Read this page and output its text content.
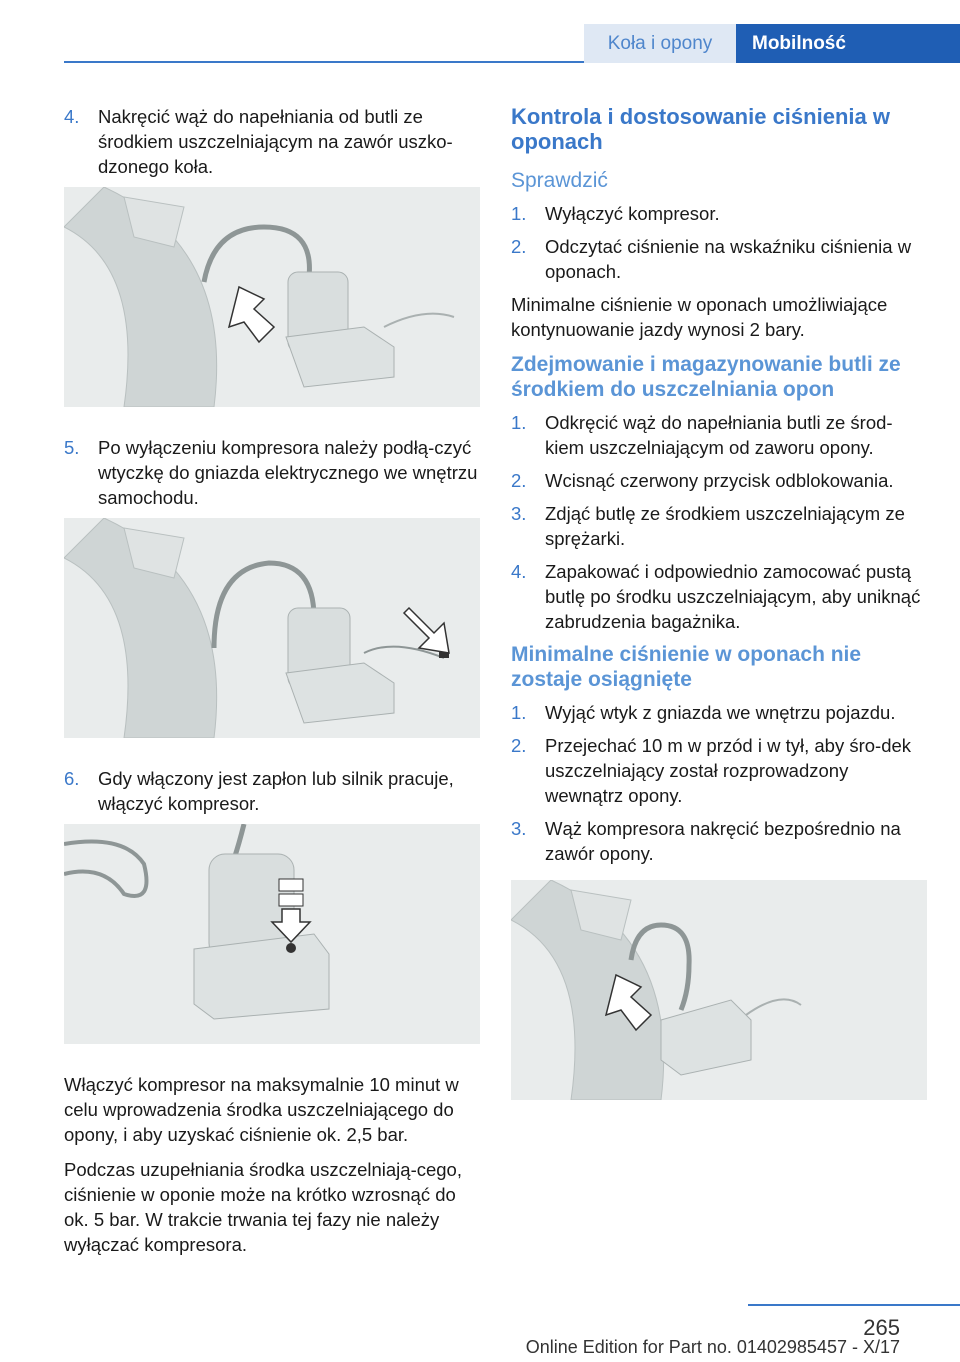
Koła i opony	Mobilność
4.	Nakręcić wąż do napełniania od butli ze środkiem uszczelniającym na zawór uszko-dzonego koła.
5.	Po wyłączeniu kompresora należy podłą-czyć wtyczkę do gniazda elektrycznego we wnętrzu samochodu.
6.	Gdy włączony jest zapłon lub silnik pracuje, włączyć kompresor.

Włączyć kompresor na maksymalnie 10 minut w celu wprowadzenia środka uszczelniającego do opony, i aby uzyskać ciśnienie ok. 2,5 bar.

Podczas uzupełniania środka uszczelniają-cego, ciśnienie w oponie może na krótko wzrosnąć do ok. 5 bar. W trakcie trwania tej fazy nie należy wyłączać kompresora.

Kontrola i dostosowanie ciśnienia w oponach
Sprawdzić
1.	Wyłączyć kompresor.
2.	Odczytać ciśnienie na wskaźniku ciśnienia w oponach.

Minimalne ciśnienie w oponach umożliwiające kontynuowanie jazdy wynosi 2 bary.

Zdejmowanie i magazynowanie butli ze środkiem do uszczelniania opon
1.	Odkręcić wąż do napełniania butli ze środ-kiem uszczelniającym od zaworu opony.
2.	Wcisnąć czerwony przycisk odblokowania.
3.	Zdjąć butlę ze środkiem uszczelniającym ze sprężarki.
4.	Zapakować i odpowiednio zamocować pustą butlę po środku uszczelniającym, aby uniknąć zabrudzenia bagażnika.
Minimalne ciśnienie w oponach nie zostaje osiągnięte
1.	Wyjąć wtyk z gniazda we wnętrzu pojazdu.
2.	Przejechać 10 m w przód i w tył, aby śro-dek uszczelniający został rozprowadzony wewnątrz opony.
3.	Wąż kompresora nakręcić bezpośrednio na zawór opony.
265
Online Edition for Part no. 01402985457 - X/17
